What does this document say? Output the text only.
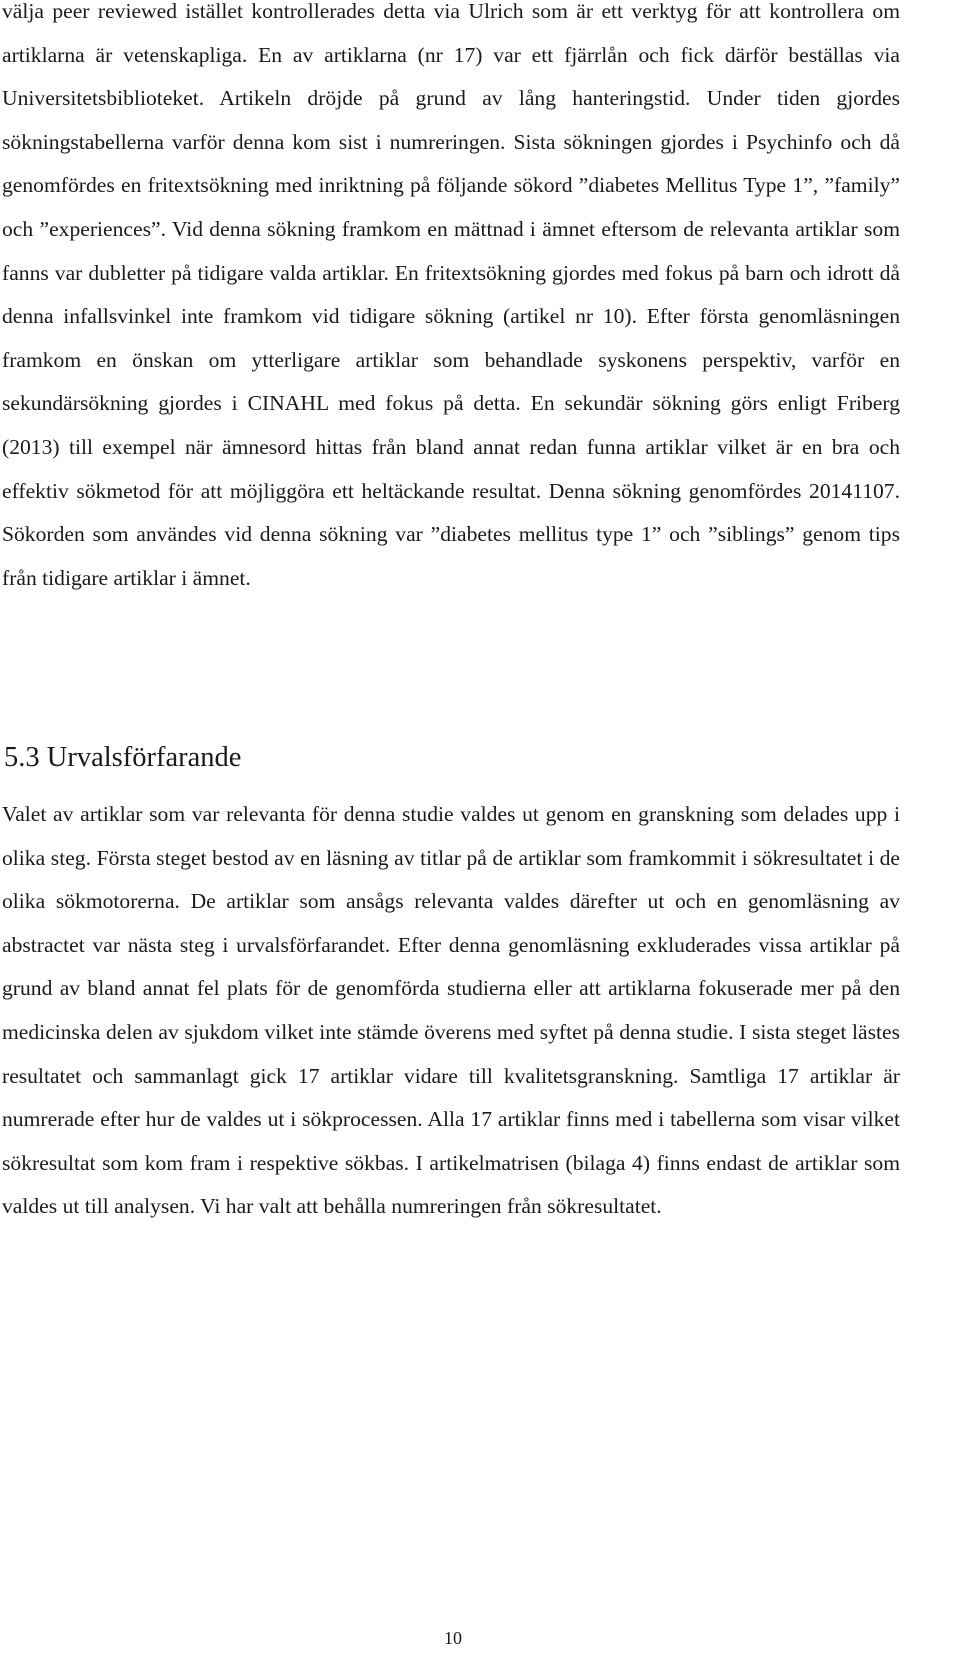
välja peer reviewed istället kontrollerades detta via Ulrich som är ett verktyg för att kontrollera om artiklarna är vetenskapliga. En av artiklarna (nr 17) var ett fjärrlån och fick därför beställas via Universitetsbiblioteket. Artikeln dröjde på grund av lång hanteringstid. Under tiden gjordes sökningstabellerna varför denna kom sist i numreringen. Sista sökningen gjordes i Psychinfo och då genomfördes en fritextsökning med inriktning på följande sökord ”diabetes Mellitus Type 1”, ”family” och ”experiences”. Vid denna sökning framkom en mättnad i ämnet eftersom de relevanta artiklar som fanns var dubletter på tidigare valda artiklar. En fritextsökning gjordes med fokus på barn och idrott då denna infallsvinkel inte framkom vid tidigare sökning (artikel nr 10). Efter första genomläsningen framkom en önskan om ytterligare artiklar som behandlade syskonens perspektiv, varför en sekundärsökning gjordes i CINAHL med fokus på detta. En sekundär sökning görs enligt Friberg (2013) till exempel när ämnesord hittas från bland annat redan funna artiklar vilket är en bra och effektiv sökmetod för att möjliggöra ett heltäckande resultat. Denna sökning genomfördes 20141107. Sökorden som användes vid denna sökning var ”diabetes mellitus type 1” och ”siblings” genom tips från tidigare artiklar i ämnet.

5.3 Urvalsförfarande

Valet av artiklar som var relevanta för denna studie valdes ut genom en granskning som delades upp i olika steg. Första steget bestod av en läsning av titlar på de artiklar som framkommit i sökresultatet i de olika sökmotorerna. De artiklar som ansågs relevanta valdes därefter ut och en genomläsning av abstractet var nästa steg i urvalsförfarandet. Efter denna genomläsning exkluderades vissa artiklar på grund av bland annat fel plats för de genomförda studierna eller att artiklarna fokuserade mer på den medicinska delen av sjukdom vilket inte stämde överens med syftet på denna studie. I sista steget lästes resultatet och sammanlagt gick 17 artiklar vidare till kvalitetsgranskning. Samtliga 17 artiklar är numrerade efter hur de valdes ut i sökprocessen. Alla 17 artiklar finns med i tabellerna som visar vilket sökresultat som kom fram i respektive sökbas. I artikelmatrisen (bilaga 4) finns endast de artiklar som valdes ut till analysen. Vi har valt att behålla numreringen från sökresultatet.

10
